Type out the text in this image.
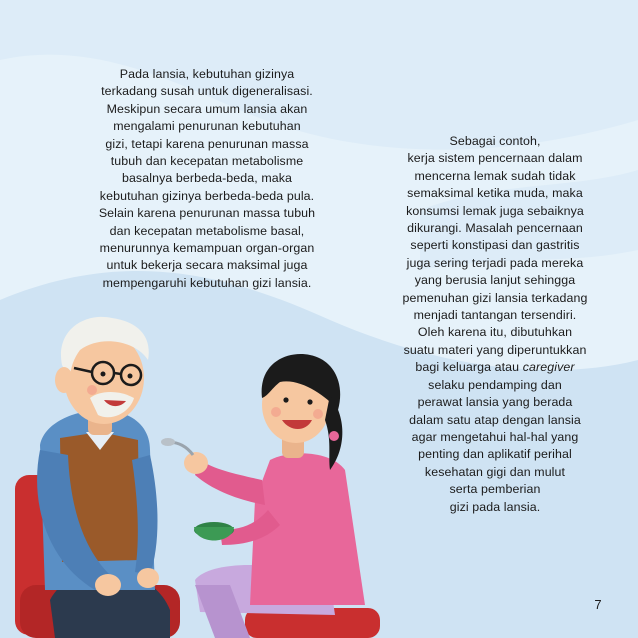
Pada lansia, kebutuhan gizinya
terkadang susah untuk digeneralisasi.
Meskipun secara umum lansia akan
mengalami penurunan kebutuhan
gizi, tetapi karena penurunan massa
tubuh dan kecepatan metabolisme
basalnya berbeda-beda, maka
kebutuhan gizinya berbeda-beda pula.
Selain karena penurunan massa tubuh
dan kecepatan metabolisme basal,
menurunnya kemampuan organ-organ
untuk bekerja secara maksimal juga
mempengaruhi kebutuhan gizi lansia.

Sebagai contoh,
kerja sistem pencernaan dalam
mencerna lemak sudah tidak
semaksimal ketika muda, maka
konsumsi lemak juga sebaiknya
dikurangi. Masalah pencernaan
seperti konstipasi dan gastritis
juga sering terjadi pada mereka
yang berusia lanjut sehingga
pemenuhan gizi lansia terkadang
menjadi tantangan tersendiri.
Oleh karena itu, dibutuhkan
suatu materi yang diperuntukkan
bagi keluarga atau caregiver
selaku pendamping dan
perawat lansia yang berada
dalam satu atap dengan lansia
agar mengetahui hal-hal yang
penting dan aplikatif perihal
kesehatan gigi dan mulut
serta pemberian
gizi pada lansia.

7
